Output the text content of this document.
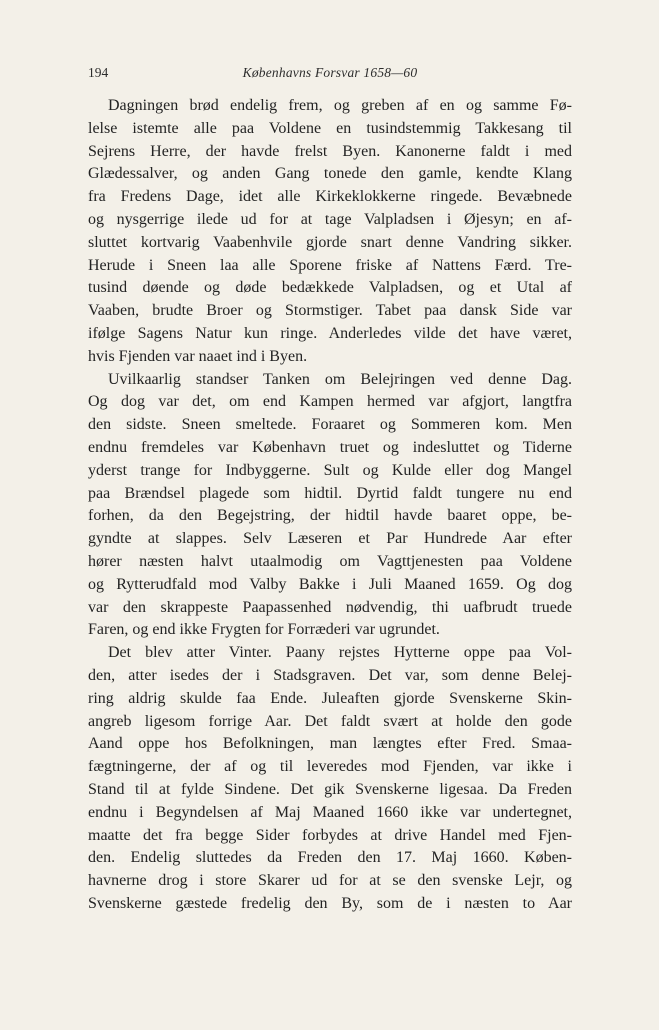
194	Københavns Forsvar 1658—60
Dagningen brød endelig frem, og greben af en og samme Fø-
lelse istemte alle paa Voldene en tusindstemmig Takkesang til
Sejrens Herre, der havde frelst Byen. Kanonerne faldt i med
Glædessalver, og anden Gang tonede den gamle, kendte Klang
fra Fredens Dage, idet alle Kirkeklokkerne ringede. Bevæbnede
og nysgerrige ilede ud for at tage Valpladsen i Øjesyn; en af-
sluttet kortvarig Vaabenhvile gjorde snart denne Vandring sikker.
Herude i Sneen laa alle Sporene friske af Nattens Færd. Tre-
tusind døende og døde bedækkede Valpladsen, og et Utal af
Vaaben, brudte Broer og Stormstiger. Tabet paa dansk Side var
ifølge Sagens Natur kun ringe. Anderledes vilde det have været,
hvis Fjenden var naaet ind i Byen.
Uvilkaarlig standser Tanken om Belejringen ved denne Dag.
Og dog var det, om end Kampen hermed var afgjort, langtfra
den sidste. Sneen smeltede. Foraaret og Sommeren kom. Men
endnu fremdeles var København truet og indesluttet og Tiderne
yderst trange for Indbyggerne. Sult og Kulde eller dog Mangel
paa Brændsel plagede som hidtil. Dyrtid faldt tungere nu end
forhen, da den Begejstring, der hidtil havde baaret oppe, be-
gyndte at slappes. Selv Læseren et Par Hundrede Aar efter
hører næsten halvt utaalmodig om Vagttjenesten paa Voldene
og Rytterudfald mod Valby Bakke i Juli Maaned 1659. Og dog
var den skrappeste Paapassenhed nødvendig, thi uafbrudt truede
Faren, og end ikke Frygten for Forræderi var ugrundet.
Det blev atter Vinter. Paany rejstes Hytterne oppe paa Vol-
den, atter isedes der i Stadsgraven. Det var, som denne Belej-
ring aldrig skulde faa Ende. Juleaften gjorde Svenskerne Skin-
angreb ligesom forrige Aar. Det faldt svært at holde den gode
Aand oppe hos Befolkningen, man længtes efter Fred. Smaa-
fægtningerne, der af og til leveredes mod Fjenden, var ikke i
Stand til at fylde Sindene. Det gik Svenskerne ligesaa. Da Freden
endnu i Begyndelsen af Maj Maaned 1660 ikke var undertegnet,
maatte det fra begge Sider forbydes at drive Handel med Fjen-
den. Endelig sluttedes da Freden den 17. Maj 1660. Køben-
havnerne drog i store Skarer ud for at se den svenske Lejr, og
Svenskerne gæstede fredelig den By, som de i næsten to Aar
